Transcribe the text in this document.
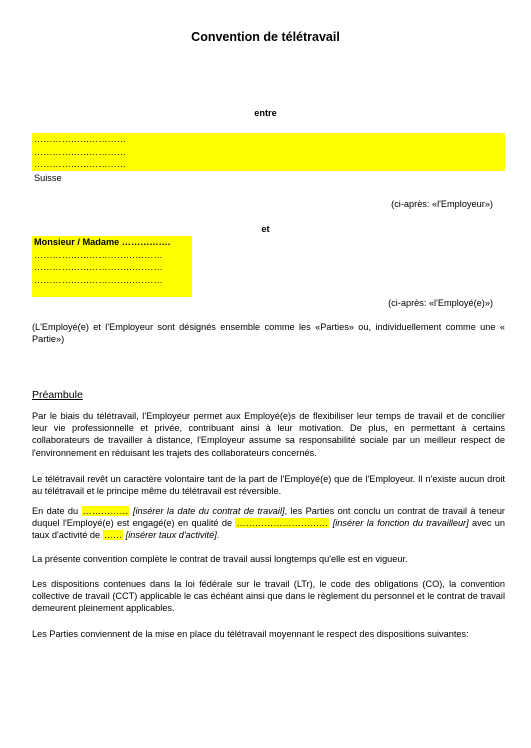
Convention de télétravail
entre
…………………………
…………………………
…………………………
Suisse
(ci-après: «l'Employeur»)
et
Monsieur / Madame …………….
……………………………………
……………………………………
……………………………………
(ci-après: «l'Employé(e)»)
(L'Employé(e) et l'Employeur sont désignés ensemble comme les «Parties» ou, individuellement comme une « Partie»)
Préambule
Par le biais du télétravail, l'Employeur permet aux Employé(e)s de flexibiliser leur temps de travail et de concilier leur vie professionnelle et privée, contribuant ainsi à leur motivation. De plus, en permettant à certains collaborateurs de travailler à distance, l'Employeur assume sa responsabilité sociale par un meilleur respect de l'environnement en réduisant les trajets des collaborateurs concernés.
Le télétravail revêt un caractère volontaire tant de la part de l'Employé(e) que de l'Employeur. Il n'existe aucun droit au télétravail et le principe même du télétravail est réversible.
En date du …………… [insérer la date du contrat de travail], les Parties ont conclu un contrat de travail à teneur duquel l'Employé(e) est engagé(e) en qualité de ………………………… [insérer la fonction du travailleur] avec un taux d'activité de …… [insérer taux d'activité].
La présente convention complète le contrat de travail aussi longtemps qu'elle est en vigueur.
Les dispositions contenues dans la loi fédérale sur le travail (LTr), le code des obligations (CO), la convention collective de travail (CCT) applicable le cas échéant ainsi que dans le règlement du personnel et le contrat de travail demeurent pleinement applicables.
Les Parties conviennent de la mise en place du télétravail moyennant le respect des dispositions suivantes:
